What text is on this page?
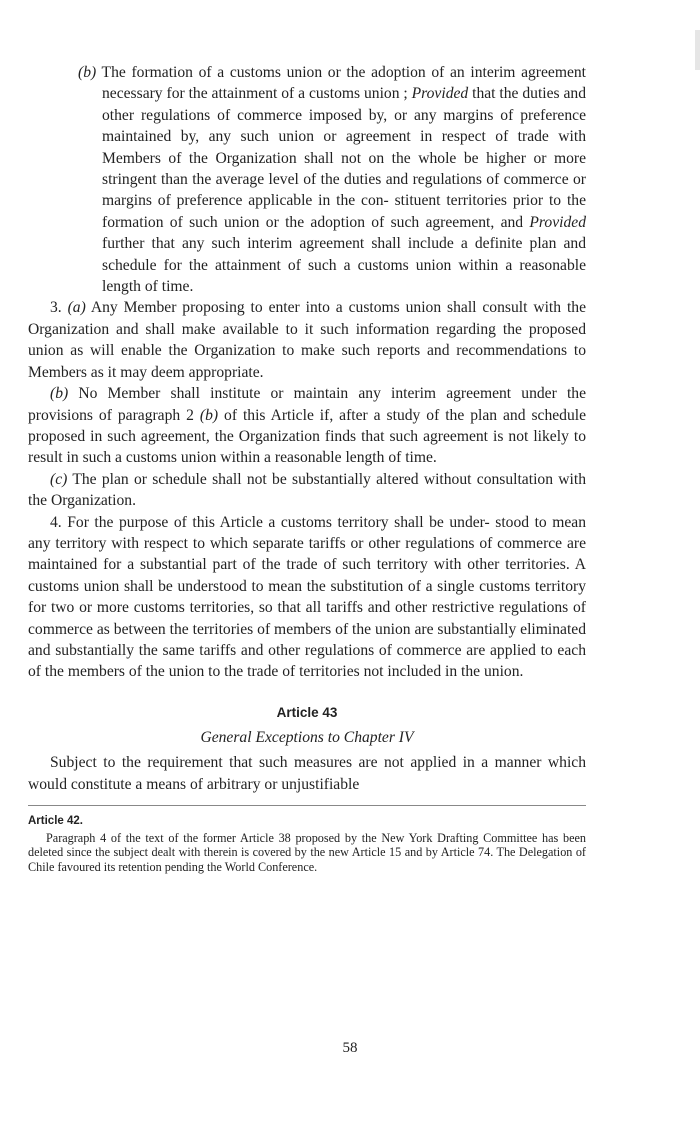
(b) The formation of a customs union or the adoption of an interim agreement necessary for the attainment of a customs union ; Provided that the duties and other regulations of commerce imposed by, or any margins of preference maintained by, any such union or agreement in respect of trade with Members of the Organization shall not on the whole be higher or more stringent than the average level of the duties and regulations of commerce or margins of preference applicable in the con- stituent territories prior to the formation of such union or the adoption of such agreement, and Provided further that any such interim agreement shall include a definite plan and schedule for the attainment of such a customs union within a reasonable length of time.

3. (a) Any Member proposing to enter into a customs union shall consult with the Organization and shall make available to it such information regarding the proposed union as will enable the Organization to make such reports and recommendations to Members as it may deem appropriate.

(b) No Member shall institute or maintain any interim agreement under the provisions of paragraph 2 (b) of this Article if, after a study of the plan and schedule proposed in such agreement, the Organization finds that such agreement is not likely to result in such a customs union within a reasonable length of time.

(c) The plan or schedule shall not be substantially altered without consultation with the Organization.

4. For the purpose of this Article a customs territory shall be under- stood to mean any territory with respect to which separate tariffs or other regulations of commerce are maintained for a substantial part of the trade of such territory with other territories. A customs union shall be understood to mean the substitution of a single customs territory for two or more customs territories, so that all tariffs and other restrictive regulations of commerce as between the territories of members of the union are substantially eliminated and substantially the same tariffs and other regulations of commerce are applied to each of the members of the union to the trade of territories not included in the union.

Article 43
General Exceptions to Chapter IV

Subject to the requirement that such measures are not applied in a manner which would constitute a means of arbitrary or unjustifiable

Article 42.

Paragraph 4 of the text of the former Article 38 proposed by the New York Drafting Committee has been deleted since the subject dealt with therein is covered by the new Article 15 and by Article 74. The Delegation of Chile favoured its retention pending the World Conference.

58
